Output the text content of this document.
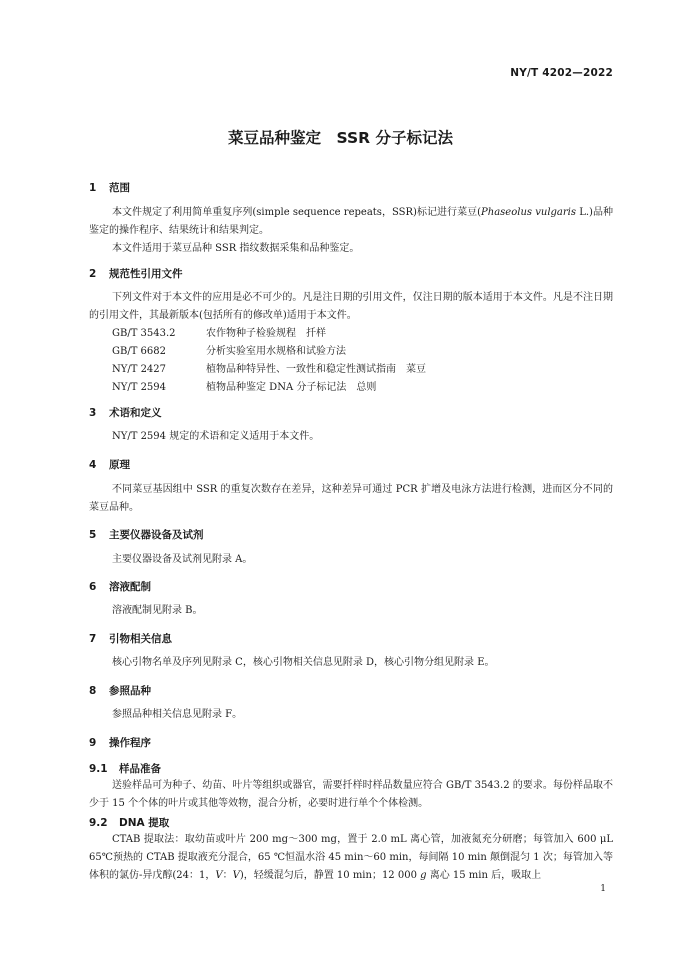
NY/T 4202—2022
菜豆品种鉴定　SSR 分子标记法
1 范围

本文件规定了利用简单重复序列(simple sequence repeats，SSR)标记进行菜豆(Phaseolus vulgaris L.)品种鉴定的操作程序、结果统计和结果判定。

本文件适用于菜豆品种 SSR 指纹数据采集和品种鉴定。

2 规范性引用文件

下列文件对于本文件的应用是必不可少的。凡是注日期的引用文件，仅注日期的版本适用于本文件。凡是不注日期的引用文件，其最新版本(包括所有的修改单)适用于本文件。

GB/T 3543.2	农作物种子检验规程　扦样
GB/T 6682	分析实验室用水规格和试验方法
NY/T 2427	植物品种特异性、一致性和稳定性测试指南　菜豆
NY/T 2594	植物品种鉴定 DNA 分子标记法　总则
3 术语和定义

NY/T 2594 规定的术语和定义适用于本文件。

4 原理

不同菜豆基因组中 SSR 的重复次数存在差异，这种差异可通过 PCR 扩增及电泳方法进行检测，进而区分不同的菜豆品种。

5 主要仪器设备及试剂

主要仪器设备及试剂见附录 A。

6 溶液配制

溶液配制见附录 B。

7 引物相关信息

核心引物名单及序列见附录 C，核心引物相关信息见附录 D，核心引物分组见附录 E。

8 参照品种

参照品种相关信息见附录 F。

9 操作程序
9.1 样品准备

送验样品可为种子、幼苗、叶片等组织或器官，需要扦样时样品数量应符合 GB/T 3543.2 的要求。每份样品取不少于 15 个个体的叶片或其他等效物，混合分析，必要时进行单个个体检测。

9.2 DNA 提取

CTAB 提取法：取幼苗或叶片 200 mg～300 mg，置于 2.0 mL 离心管，加液氮充分研磨；每管加入 600 μL 65℃预热的 CTAB 提取液充分混合，65 ℃恒温水浴 45 min～60 min，每间隔 10 min 颠倒混匀 1 次；每管加入等体积的氯仿-异戊醇(24：1，V：V)，轻缓混匀后，静置 10 min；12 000 g 离心 15 min 后，吸取上

1
